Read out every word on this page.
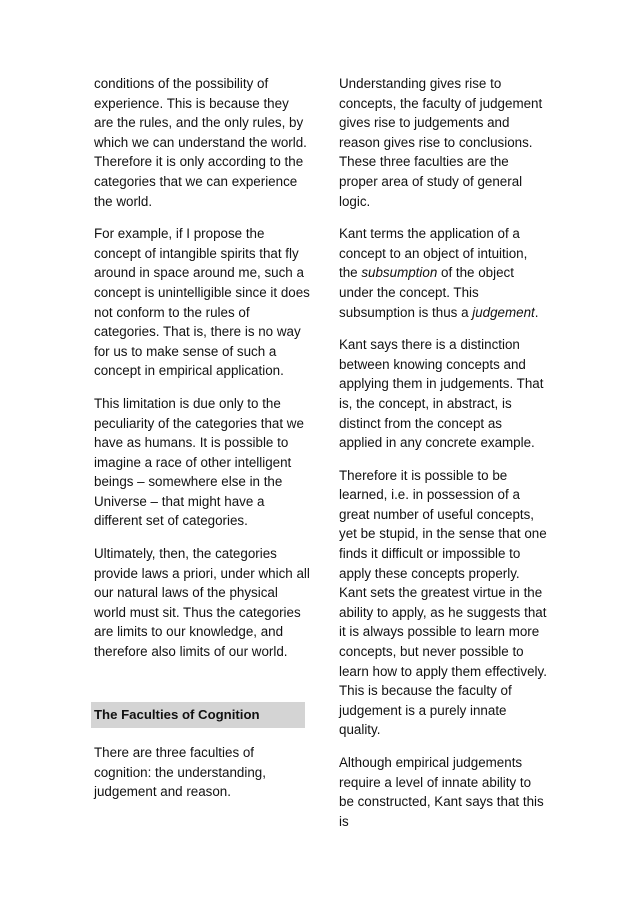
conditions of the possibility of experience. This is because they are the rules, and the only rules, by which we can understand the world. Therefore it is only according to the categories that we can experience the world.

For example, if I propose the concept of intangible spirits that fly around in space around me, such a concept is unintelligible since it does not conform to the rules of categories. That is, there is no way for us to make sense of such a concept in empirical application.

This limitation is due only to the peculiarity of the categories that we have as humans. It is possible to imagine a race of other intelligent beings – somewhere else in the Universe – that might have a different set of categories.

Ultimately, then, the categories provide laws a priori, under which all our natural laws of the physical world must sit. Thus the categories are limits to our knowledge, and therefore also limits of our world.

The Faculties of Cognition

There are three faculties of cognition: the understanding, judgement and reason.

Understanding gives rise to concepts, the faculty of judgement gives rise to judgements and reason gives rise to conclusions. These three faculties are the proper area of study of general logic.

Kant terms the application of a concept to an object of intuition, the subsumption of the object under the concept. This subsumption is thus a judgement.

Kant says there is a distinction between knowing concepts and applying them in judgements. That is, the concept, in abstract, is distinct from the concept as applied in any concrete example.

Therefore it is possible to be learned, i.e. in possession of a great number of useful concepts, yet be stupid, in the sense that one finds it difficult or impossible to apply these concepts properly. Kant sets the greatest virtue in the ability to apply, as he suggests that it is always possible to learn more concepts, but never possible to learn how to apply them effectively. This is because the faculty of judgement is a purely innate quality.

Although empirical judgements require a level of innate ability to be constructed, Kant says that this is
